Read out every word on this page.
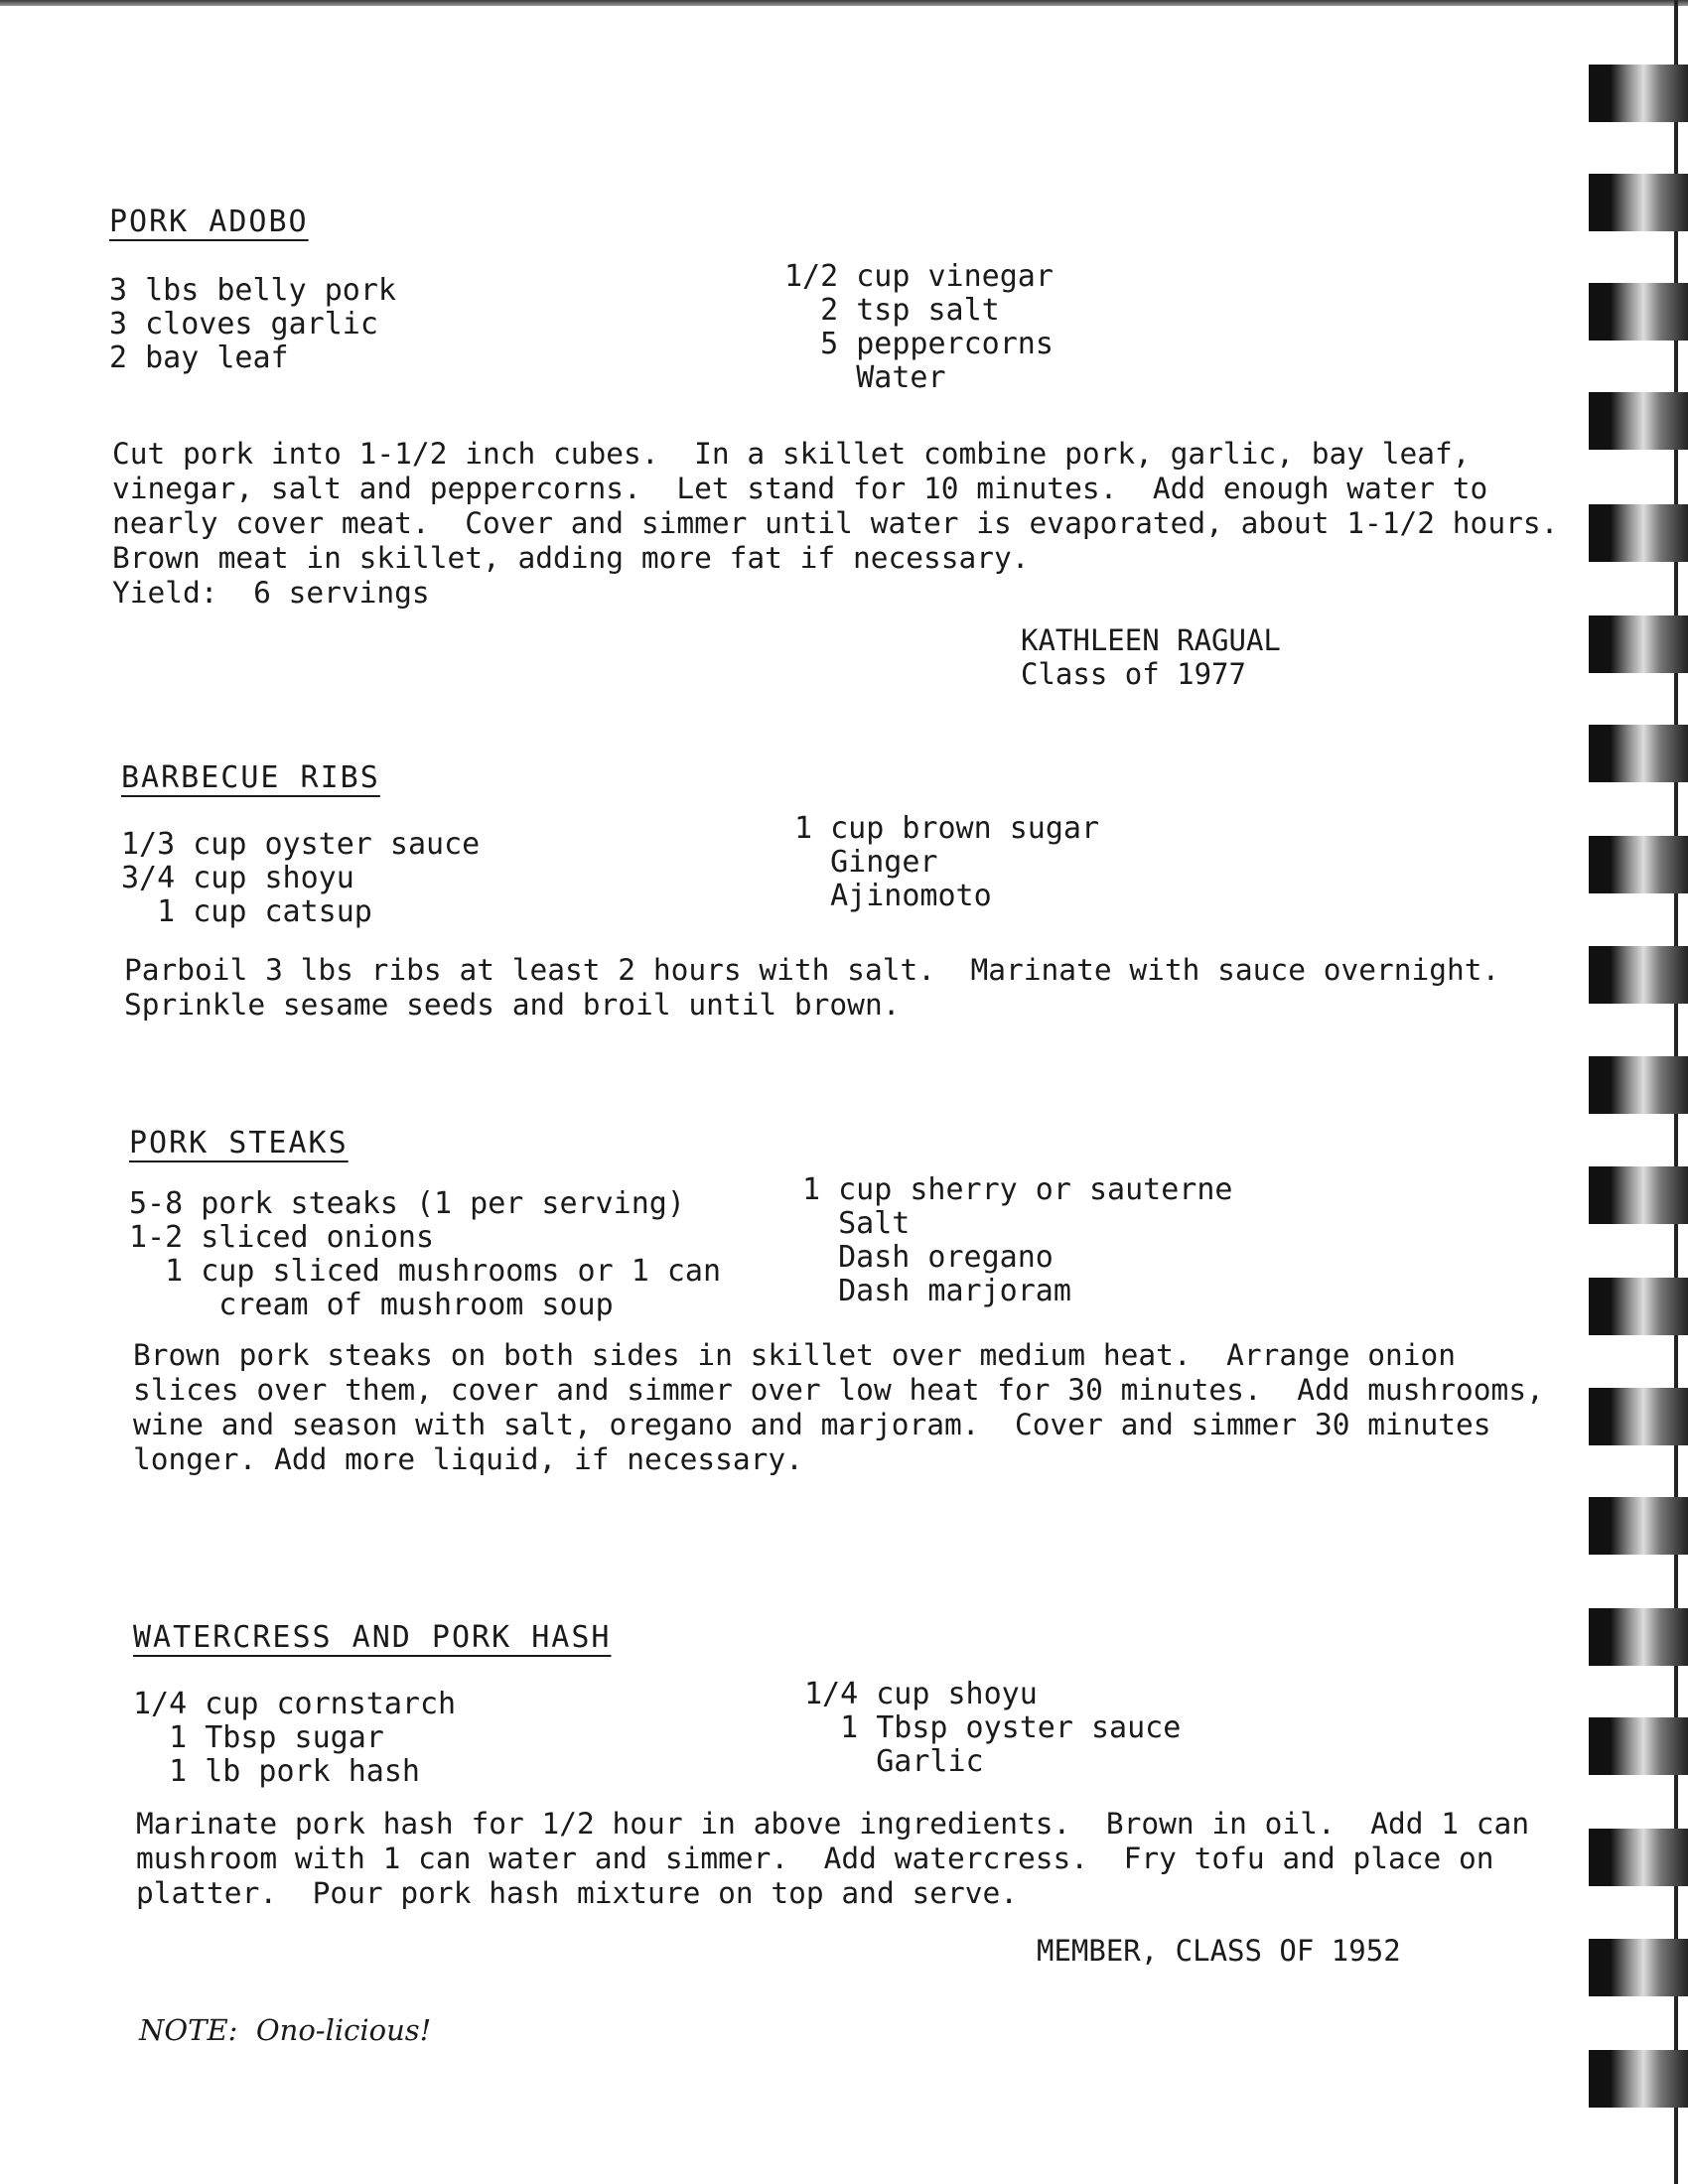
PORK ADOBO
3 lbs belly pork
3 cloves garlic
2 bay leaf
1/2 cup vinegar
2 tsp salt
5 peppercorns
Water
Cut pork into 1-1/2 inch cubes.  In a skillet combine pork, garlic, bay leaf,
vinegar, salt and peppercorns.  Let stand for 10 minutes.  Add enough water to
nearly cover meat.  Cover and simmer until water is evaporated, about 1-1/2 hours.
Brown meat in skillet, adding more fat if necessary.
Yield:  6 servings
KATHLEEN RAGUAL
Class of 1977
BARBECUE RIBS
1/3 cup oyster sauce
3/4 cup shoyu
1 cup catsup
1 cup brown sugar
Ginger
Ajinomoto
Parboil 3 lbs ribs at least 2 hours with salt.  Marinate with sauce overnight.
Sprinkle sesame seeds and broil until brown.
PORK STEAKS
5-8 pork steaks (1 per serving)
1-2 sliced onions
1 cup sliced mushrooms or 1 can
cream of mushroom soup
1 cup sherry or sauterne
Salt
Dash oregano
Dash marjoram
Brown pork steaks on both sides in skillet over medium heat.  Arrange onion
slices over them, cover and simmer over low heat for 30 minutes.  Add mushrooms,
wine and season with salt, oregano and marjoram.  Cover and simmer 30 minutes
longer. Add more liquid, if necessary.
WATERCRESS AND PORK HASH
1/4 cup cornstarch
1 Tbsp sugar
1 lb pork hash
1/4 cup shoyu
1 Tbsp oyster sauce
Garlic
Marinate pork hash for 1/2 hour in above ingredients.  Brown in oil.  Add 1 can
mushroom with 1 can water and simmer.  Add watercress.  Fry tofu and place on
platter.  Pour pork hash mixture on top and serve.
MEMBER, CLASS OF 1952
NOTE:  Ono-licious!
